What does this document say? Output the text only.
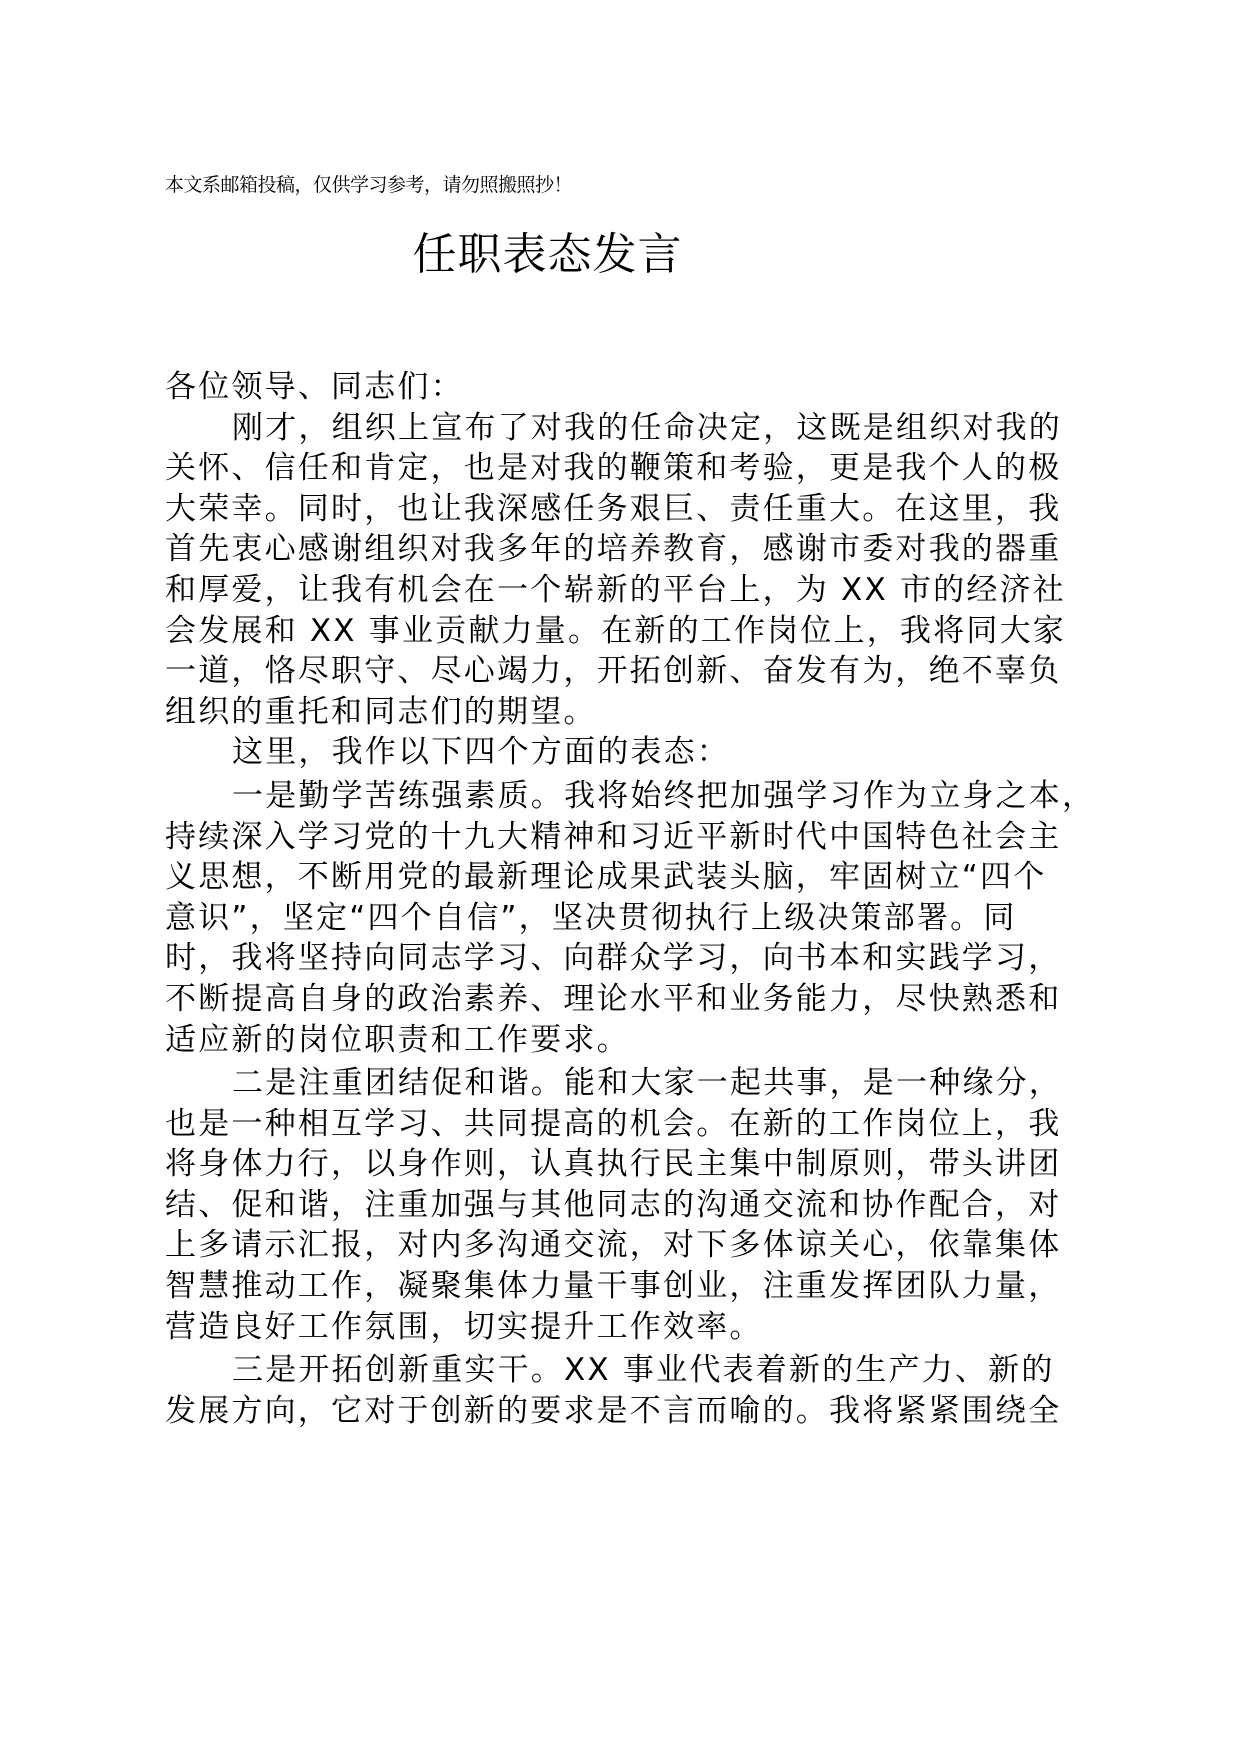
本文系邮箱投稿，仅供学习参考，请勿照搬照抄！
任职表态发言
各位领导、同志们：
刚才，组织上宣布了对我的任命决定，这既是组织对我的
关怀、信任和肯定，也是对我的鞭策和考验，更是我个人的极
大荣幸。同时，也让我深感任务艰巨、责任重大。在这里，我
首先衷心感谢组织对我多年的培养教育，感谢市委对我的器重
和厚爱，让我有机会在一个崭新的平台上，为 XX 市的经济社
会发展和 XX 事业贡献力量。在新的工作岗位上，我将同大家
一道，恪尽职守、尽心竭力，开拓创新、奋发有为，绝不辜负
组织的重托和同志们的期望。
这里，我作以下四个方面的表态：
一是勤学苦练强素质。我将始终把加强学习作为立身之本，
持续深入学习党的十九大精神和习近平新时代中国特色社会主
义思想，不断用党的最新理论成果武装头脑，牢固树立“四个
意识”，坚定“四个自信”，坚决贯彻执行上级决策部署。同
时，我将坚持向同志学习、向群众学习，向书本和实践学习，
不断提高自身的政治素养、理论水平和业务能力，尽快熟悉和
适应新的岗位职责和工作要求。
二是注重团结促和谐。能和大家一起共事，是一种缘分，
也是一种相互学习、共同提高的机会。在新的工作岗位上，我
将身体力行，以身作则，认真执行民主集中制原则，带头讲团
结、促和谐，注重加强与其他同志的沟通交流和协作配合，对
上多请示汇报，对内多沟通交流，对下多体谅关心，依靠集体
智慧推动工作，凝聚集体力量干事创业，注重发挥团队力量，
营造良好工作氛围，切实提升工作效率。
三是开拓创新重实干。XX 事业代表着新的生产力、新的
发展方向，它对于创新的要求是不言而喻的。我将紧紧围绕全
